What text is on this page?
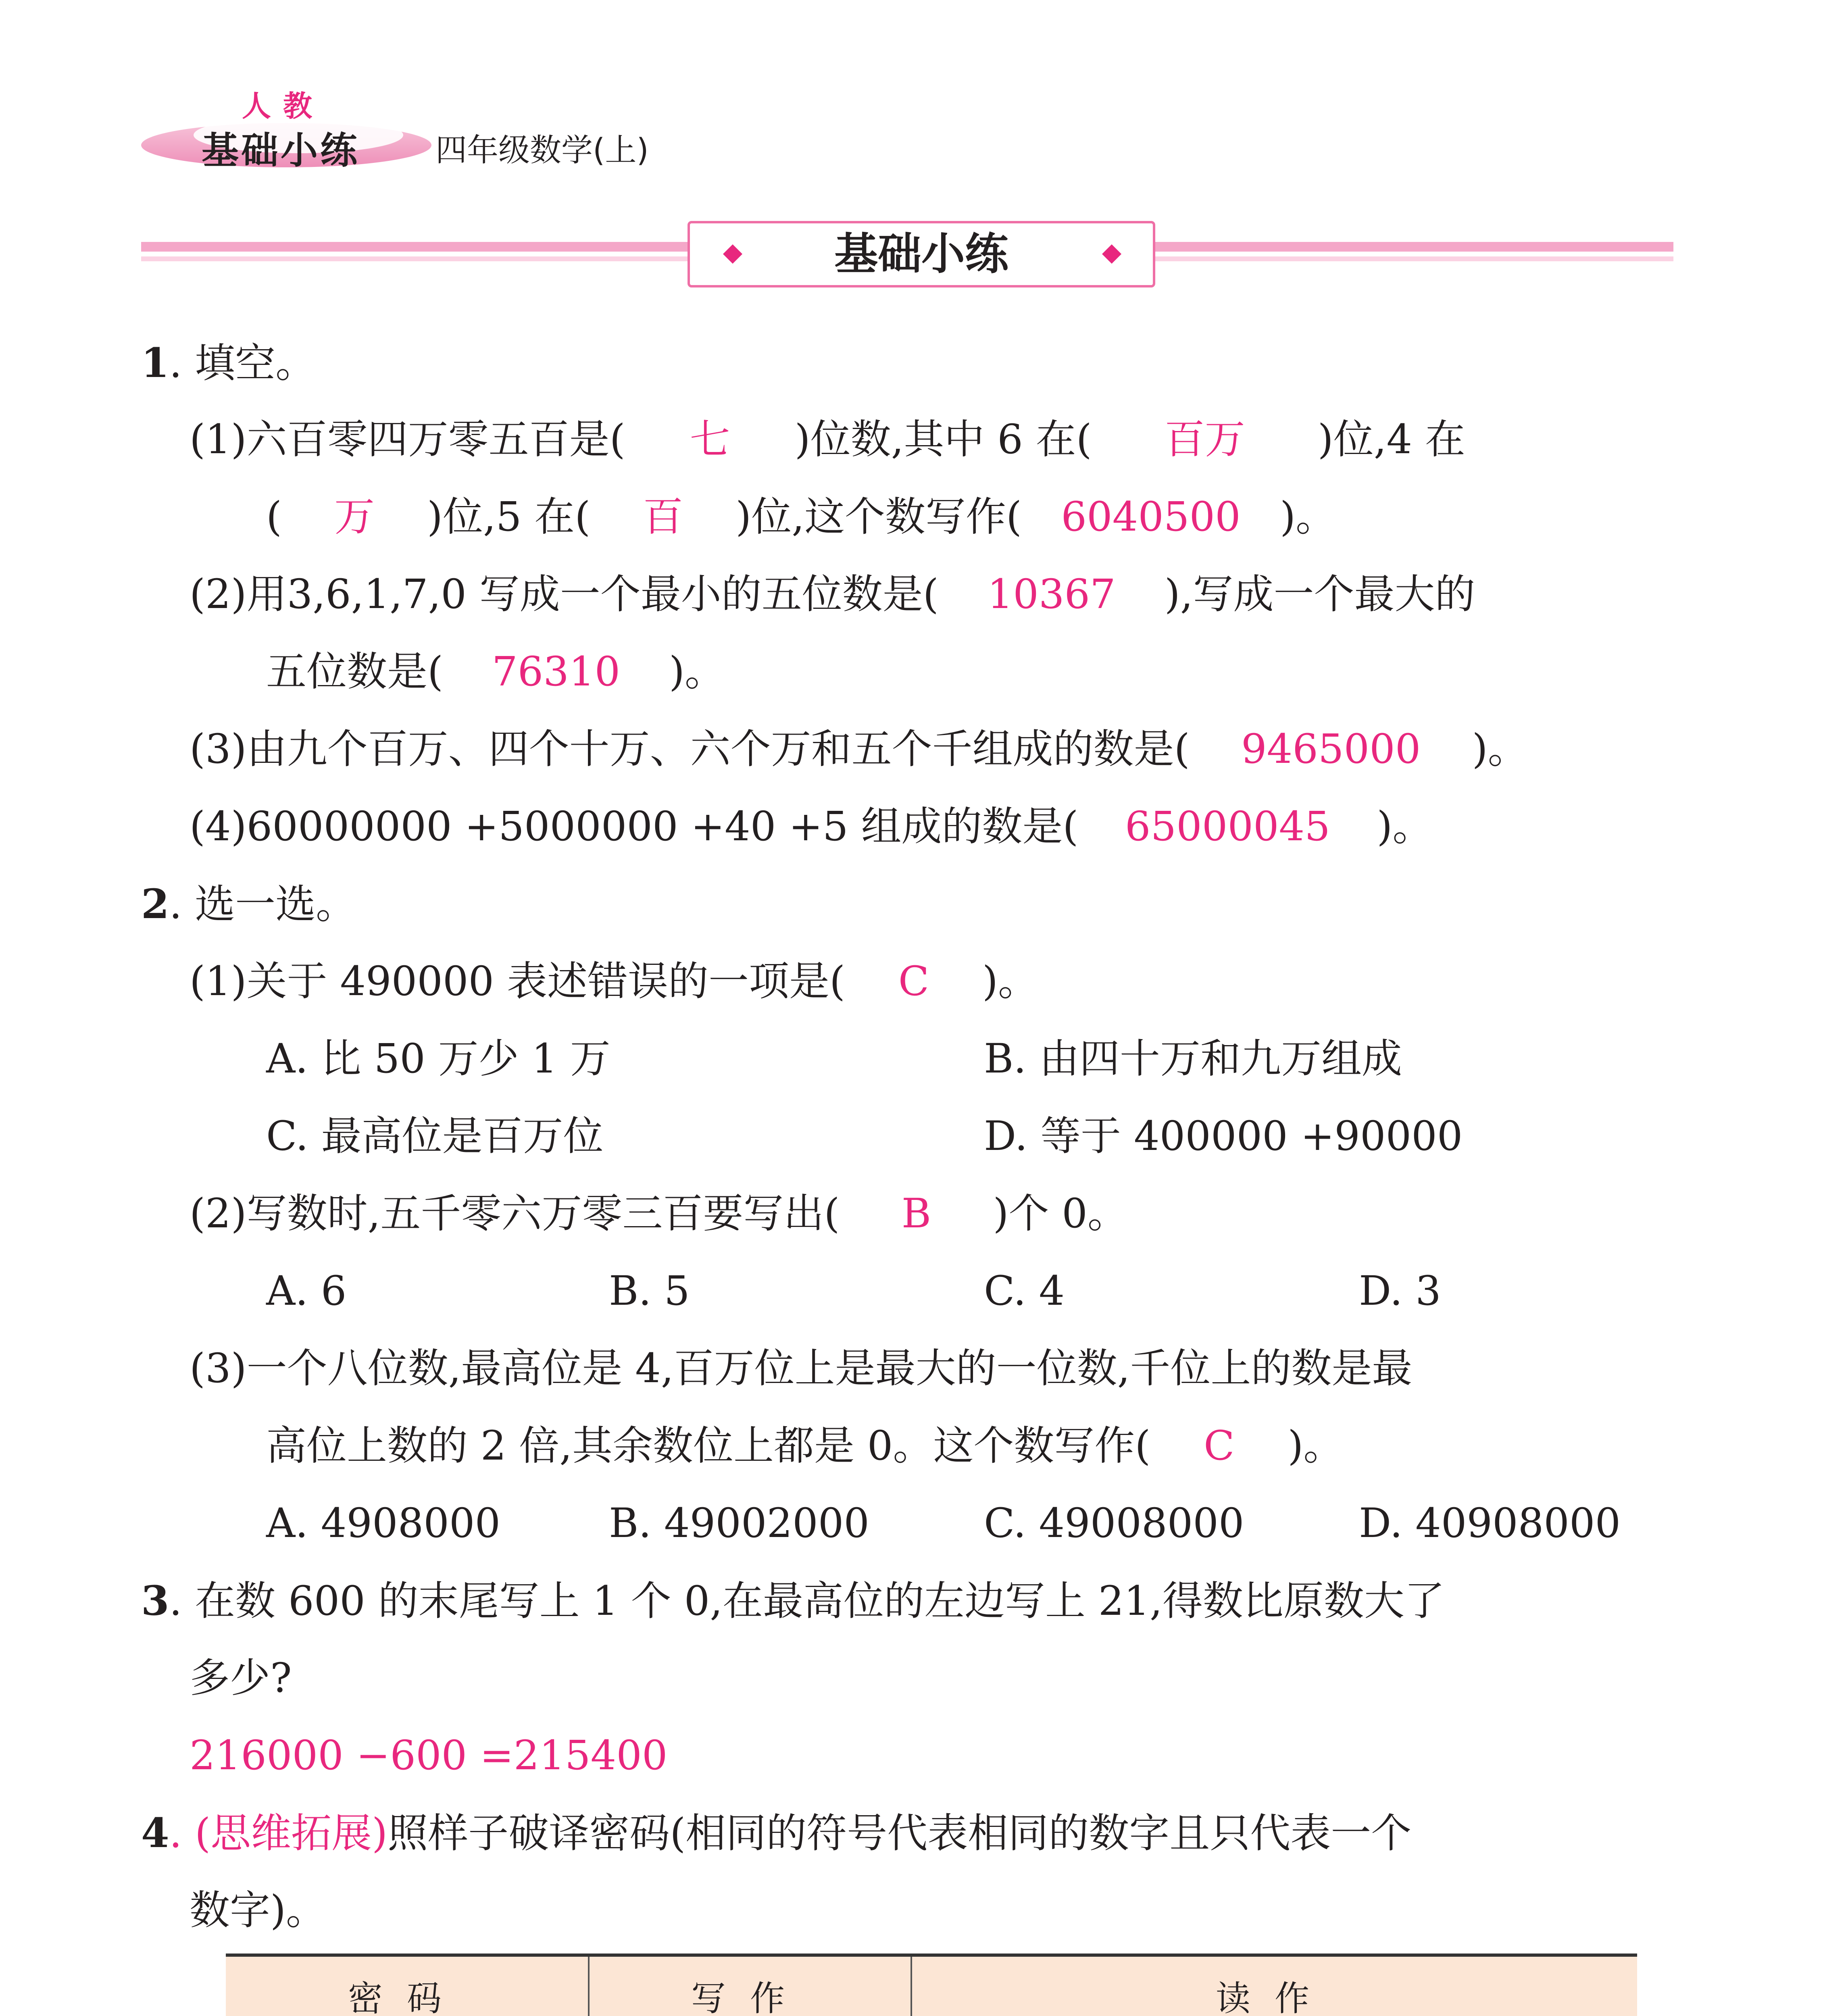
人教
基础小练 四年级数学(上)
基础小练
1. 填空。
(1)六百零四万零五百是( 七 )位数,其中 6 在( 百万 )位,4 在
( 万 )位,5 在( 百 )位,这个数写作( 6040500 )。
(2)用3,6,1,7,0 写成一个最小的五位数是( 10367 ),写成一个最大的
五位数是( 76310 )。
(3)由九个百万、四个十万、六个万和五个千组成的数是( 9465000 )。
(4)60000000 +5000000 +40 +5 组成的数是( 65000045 )。
2. 选一选。
(1)关于 490000 表述错误的一项是( C )。
A. 比 50 万少 1 万	B. 由四十万和九万组成
C. 最高位是百万位	D. 等于 400000 +90000
(2)写数时,五千零六万零三百要写出( B )个 0。
A. 6	B. 5	C. 4	D. 3
(3)一个八位数,最高位是 4,百万位上是最大的一位数,千位上的数是最
高位上数的 2 倍,其余数位上都是 0。这个数写作( C )。
A. 4908000	B. 49002000	C. 49008000	D. 40908000
3. 在数 600 的末尾写上 1 个 0,在最高位的左边写上 21,得数比原数大了
多少?
216000 −600 =215400
4. (思维拓展)照样子破译密码(相同的符号代表相同的数字且只代表一个
数字)。
密码	写作	读作
